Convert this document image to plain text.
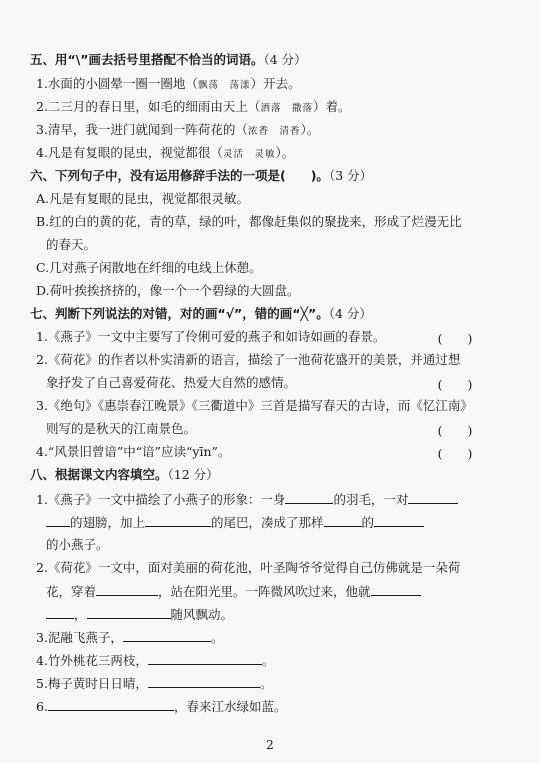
五、用“\”画去括号里搭配不恰当的词语。（4 分）
1.水面的小圆晕一圈一圈地（飘荡　荡漾）开去。
2.二三月的春日里，如毛的细雨由天上（洒落　撒落）着。
3.清早，我一进门就闻到一阵荷花的（浓香　清香）。
4.凡是有复眼的昆虫，视觉都很（灵活　灵敏）。
六、下列句子中，没有运用修辞手法的一项是(　　)。（3 分）
A.凡是有复眼的昆虫，视觉都很灵敏。
B.红的白的黄的花，青的草，绿的叶，都像赶集似的聚拢来，形成了烂漫无比
的春天。
C.几对燕子闲散地在纤细的电线上休憩。
D.荷叶挨挨挤挤的，像一个一个碧绿的大圆盘。
七、判断下列说法的对错，对的画“√”，错的画“╳”。（4 分）
1.《燕子》一文中主要写了伶俐可爱的燕子和如诗如画的春景。	(　　)
2.《荷花》的作者以朴实清新的语言，描绘了一池荷花盛开的美景，并通过想
象抒发了自己喜爱荷花、热爱大自然的感情。	(　　)
3.《绝句》《惠崇春江晚景》《三衢道中》三首是描写春天的古诗，而《忆江南》
则写的是秋天的江南景色。	(　　)
4.“风景旧曾谙”中“谙”应读“yīn”。	(　　)
八、根据课文内容填空。（12 分）
1.《燕子》一文中描绘了小燕子的形象：一身	的羽毛，一对
的翅膀，加上	的尾巴，凑成了那样	的
的小燕子。
2.《荷花》一文中，面对美丽的荷花池，叶圣陶爷爷觉得自己仿佛就是一朵荷
花，穿着	，站在阳光里。一阵微风吹过来，他就
，	随风飘动。
3.泥融飞燕子，	。
4.竹外桃花三两枝，	。
5.梅子黄时日日晴，	。
6.	，春来江水绿如蓝。
2
